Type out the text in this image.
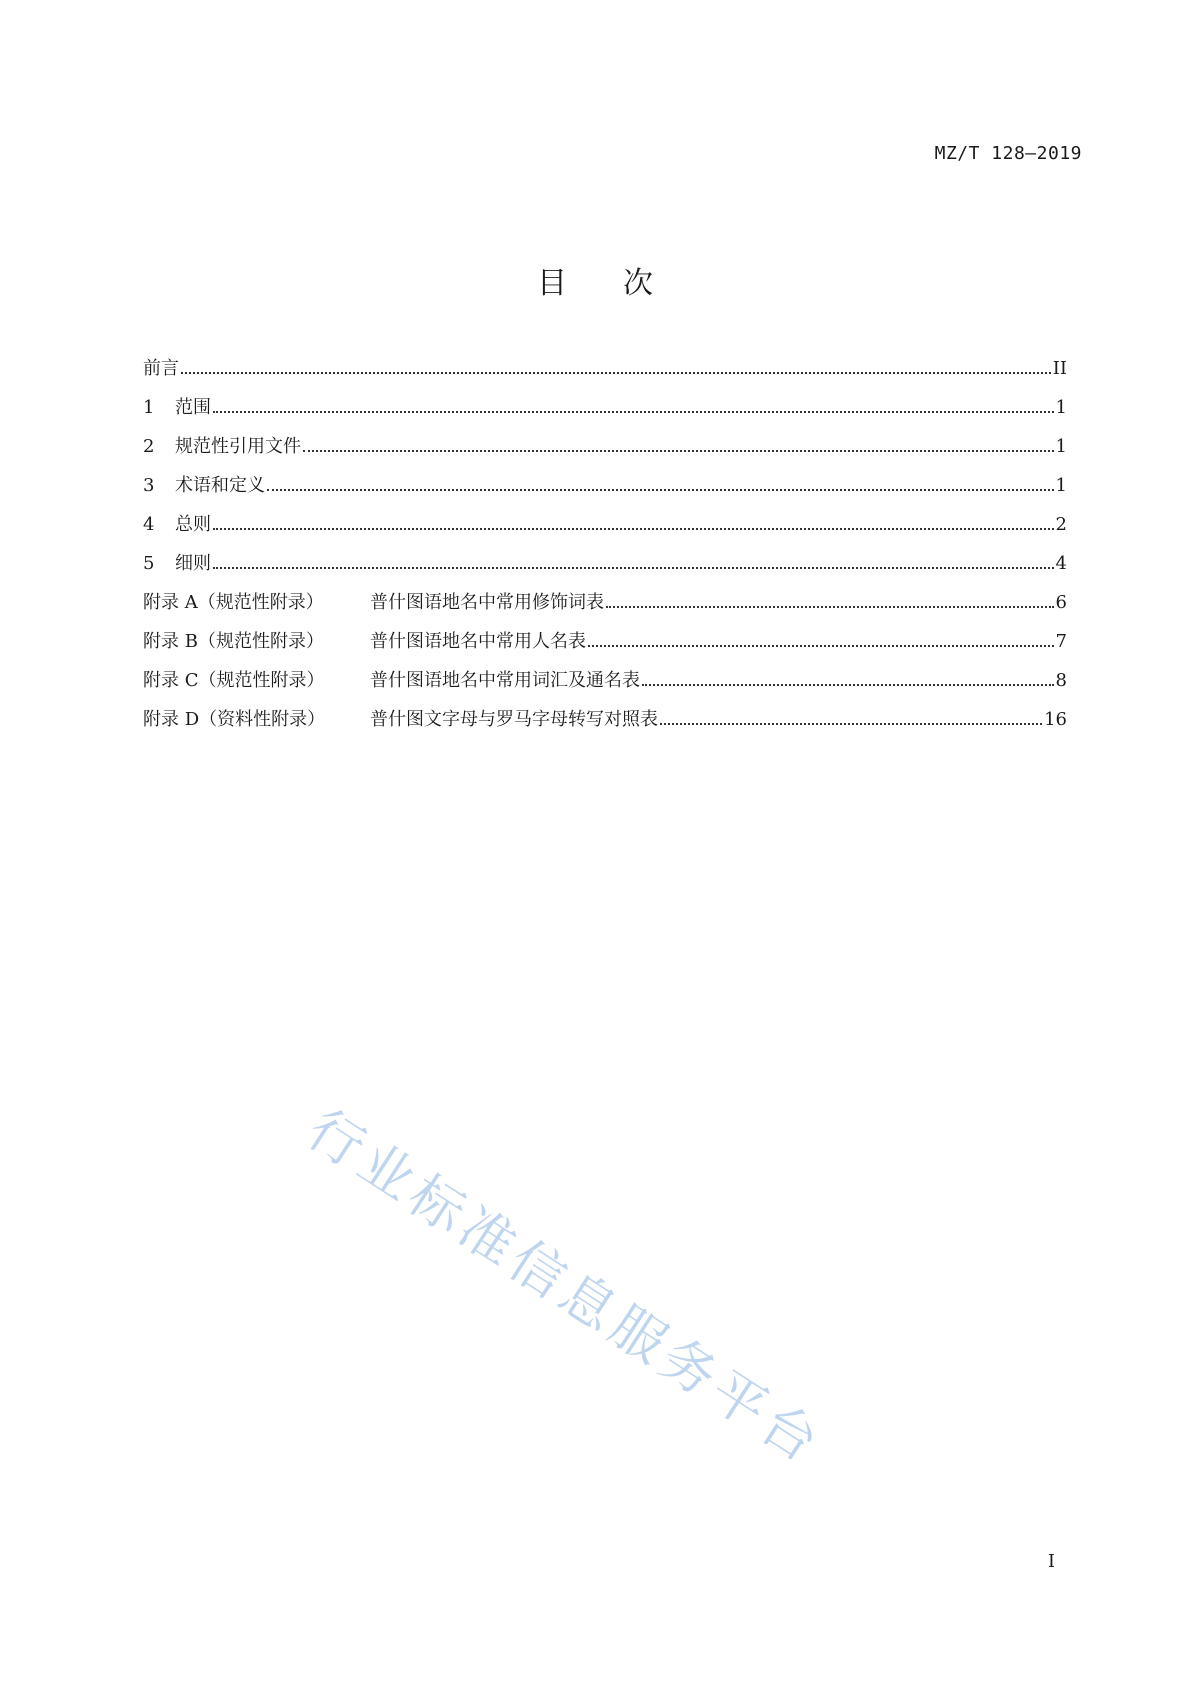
MZ/T 128—2019
目次
前言	II
1	范围	1
2	规范性引用文件	1
3	术语和定义	1
4	总则	2
5	细则	4
附录 A（规范性附录）	普什图语地名中常用修饰词表	6
附录 B（规范性附录）	普什图语地名中常用人名表	7
附录 C（规范性附录）	普什图语地名中常用词汇及通名表	8
附录 D（资料性附录）	普什图文字母与罗马字母转写对照表	16
行业标准信息服务平台
I
